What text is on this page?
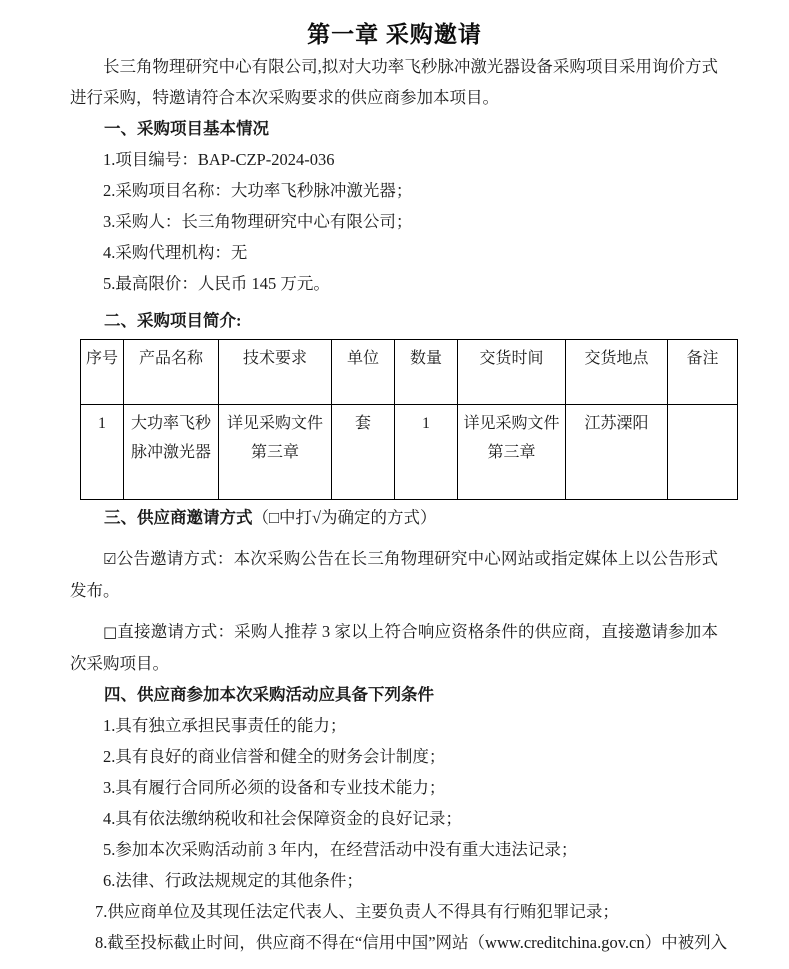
第一章 采购邀请

长三角物理研究中心有限公司,拟对大功率飞秒脉冲激光器设备采购项目采用询价方式进行采购，特邀请符合本次采购要求的供应商参加本项目。

一、采购项目基本情况
1.项目编号：BAP-CZP-2024-036
2.采购项目名称：大功率飞秒脉冲激光器；
3.采购人：长三角物理研究中心有限公司；
4.采购代理机构：无
5.最高限价：人民币 145 万元。
二、采购项目简介:
序号	产品名称	技术要求	单位	数量	交货时间	交货地点	备注
1	大功率飞秒脉冲激光器	详见采购文件第三章	套	1	详见采购文件第三章	江苏溧阳	
三、供应商邀请方式（□中打√为确定的方式）

☑公告邀请方式：本次采购公告在长三角物理研究中心网站或指定媒体上以公告形式发布。

□直接邀请方式：采购人推荐 3 家以上符合响应资格条件的供应商，直接邀请参加本次采购项目。

四、供应商参加本次采购活动应具备下列条件
1.具有独立承担民事责任的能力；
2.具有良好的商业信誉和健全的财务会计制度；
3.具有履行合同所必须的设备和专业技术能力；
4.具有依法缴纳税收和社会保障资金的良好记录；
5.参加本次采购活动前 3 年内，在经营活动中没有重大违法记录；
6.法律、行政法规规定的其他条件；
7.供应商单位及其现任法定代表人、主要负责人不得具有行贿犯罪记录；
8.截至投标截止时间，供应商不得在“信用中国”网站（www.creditchina.gov.cn）中被列入
